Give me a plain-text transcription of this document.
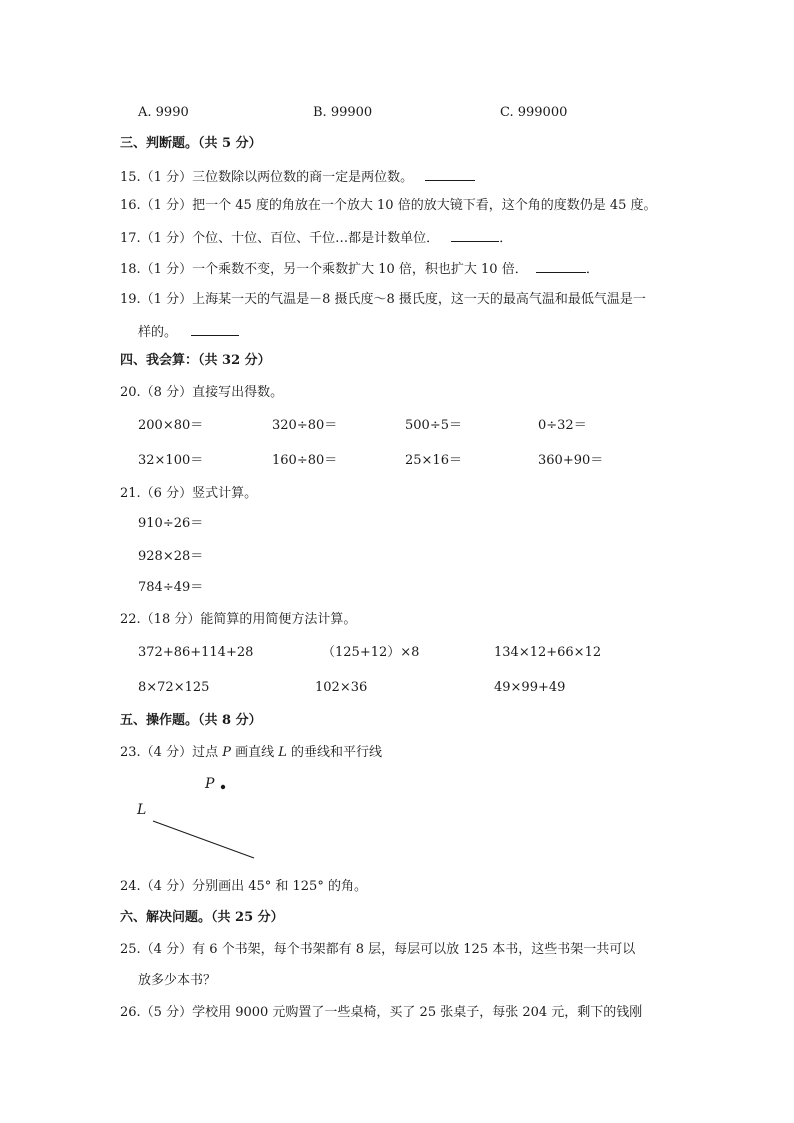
A. 9990	B. 99900	C. 999000
三、判断题。（共 5 分）
15.（1 分）三位数除以两位数的商一定是两位数。
16.（1 分）把一个 45 度的角放在一个放大 10 倍的放大镜下看，这个角的度数仍是 45 度。
17.（1 分）个位、十位、百位、千位…都是计数单位．	．
18.（1 分）一个乘数不变，另一个乘数扩大 10 倍，积也扩大 10 倍．	．
19.（1 分）上海某一天的气温是－8 摄氏度～8 摄氏度，这一天的最高气温和最低气温是一
样的。
四、我会算：（共 32 分）
20.（8 分）直接写出得数。
200×80＝	320÷80＝	500÷5＝	0÷32＝
32×100＝	160÷80＝	25×16＝	360+90＝
21.（6 分）竖式计算。
910÷26＝
928×28＝
784÷49＝
22.（18 分）能简算的用简便方法计算。
372+86+114+28	（125+12）×8	134×12+66×12
8×72×125	102×36	49×99+49
五、操作题。（共 8 分）
23.（4 分）过点 P 画直线 L 的垂线和平行线
P
L
24.（4 分）分别画出 45° 和 125° 的角。
六、解决问题。（共 25 分）
25.（4 分）有 6 个书架，每个书架都有 8 层，每层可以放 125 本书，这些书架一共可以
放多少本书？
26.（5 分）学校用 9000 元购置了一些桌椅，买了 25 张桌子，每张 204 元，剩下的钱刚
